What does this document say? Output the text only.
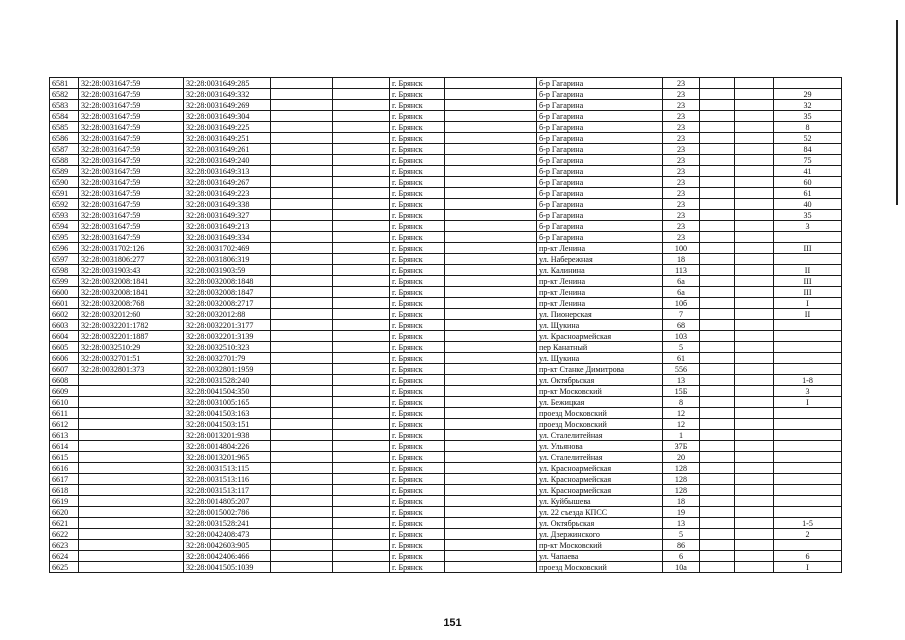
6581	32:28:0031647:59	32:28:0031649:285			г. Брянск		б-р Гагарина	23			
6582	32:28:0031647:59	32:28:0031649:332			г. Брянск		б-р Гагарина	23			29
6583	32:28:0031647:59	32:28:0031649:269			г. Брянск		б-р Гагарина	23			32
6584	32:28:0031647:59	32:28:0031649:304			г. Брянск		б-р Гагарина	23			35
6585	32:28:0031647:59	32:28:0031649:225			г. Брянск		б-р Гагарина	23			8
6586	32:28:0031647:59	32:28:0031649:251			г. Брянск		б-р Гагарина	23			52
6587	32:28:0031647:59	32:28:0031649:261			г. Брянск		б-р Гагарина	23			84
6588	32:28:0031647:59	32:28:0031649:240			г. Брянск		б-р Гагарина	23			75
6589	32:28:0031647:59	32:28:0031649:313			г. Брянск		б-р Гагарина	23			41
6590	32:28:0031647:59	32:28:0031649:267			г. Брянск		б-р Гагарина	23			60
6591	32:28:0031647:59	32:28:0031649:223			г. Брянск		б-р Гагарина	23			61
6592	32:28:0031647:59	32:28:0031649:338			г. Брянск		б-р Гагарина	23			40
6593	32:28:0031647:59	32:28:0031649:327			г. Брянск		б-р Гагарина	23			35
6594	32:28:0031647:59	32:28:0031649:213			г. Брянск		б-р Гагарина	23			3
6595	32:28:0031647:59	32:28:0031649:334			г. Брянск		б-р Гагарина	23			
6596	32:28:0031702:126	32:28:0031702:469			г. Брянск		пр-кт Ленина	100			III
6597	32:28:0031806:277	32:28:0031806:319			г. Брянск		ул. Набережная	18			
6598	32:28:0031903:43	32:28:0031903:59			г. Брянск		ул. Калинина	113			II
6599	32:28:0032008:1841	32:28:0032008:1848			г. Брянск		пр-кт Ленина	6а			III
6600	32:28:0032008:1841	32:28:0032008:1847			г. Брянск		пр-кт Ленина	6а			III
6601	32:28:0032008:768	32:28:0032008:2717			г. Брянск		пр-кт Ленина	10б			I
6602	32:28:0032012:60	32:28:0032012:88			г. Брянск		ул. Пионерская	7			II
6603	32:28:0032201:1782	32:28:0032201:3177			г. Брянск		ул. Щукина	68			
6604	32:28:0032201:1887	32:28:0032201:3139			г. Брянск		ул. Красноармейская	103			
6605	32:28:0032510:29	32:28:0032510:323			г. Брянск		пер Канатный	5			
6606	32:28:0032701:51	32:28:0032701:79			г. Брянск		ул. Щукина	61			
6607	32:28:0032801:373	32:28:0032801:1959			г. Брянск		пр-кт Станке Димитрова	556			
6608		32:28:0031528:240			г. Брянск		ул. Октябрьская	13			1-8
6609		32:28:0041504:350			г. Брянск		пр-кт Московский	15Б			3
6610		32:28:0031005:165			г. Брянск		ул. Бежицкая	8			I
6611		32:28:0041503:163			г. Брянск		проезд Московский	12			
6612		32:28:0041503:151			г. Брянск		проезд Московский	12			
6613		32:28:0013201:938			г. Брянск		ул. Сталелитейная	1			
6614		32:28:0014804:226			г. Брянск		ул. Ульянова	37Б			
6615		32:28:0013201:965			г. Брянск		ул. Сталелитейная	20			
6616		32:28:0031513:115			г. Брянск		ул. Красноармейская	128			
6617		32:28:0031513:116			г. Брянск		ул. Красноармейская	128			
6618		32:28:0031513:117			г. Брянск		ул. Красноармейская	128			
6619		32:28:0014805:207			г. Брянск		ул. Куйбышева	18			
6620		32:28:0015002:786			г. Брянск		ул. 22 съезда КПСС	19			
6621		32:28:0031528:241			г. Брянск		ул. Октябрьская	13			1-5
6622		32:28:0042408:473			г. Брянск		ул. Дзержинского	5			2
6623		32:28:0042603:905			г. Брянск		пр-кт Московский	86			
6624		32:28:0042406:466			г. Брянск		ул. Чапаева	6			6
6625		32:28:0041505:1039			г. Брянск		проезд Московский	10а			I
151
